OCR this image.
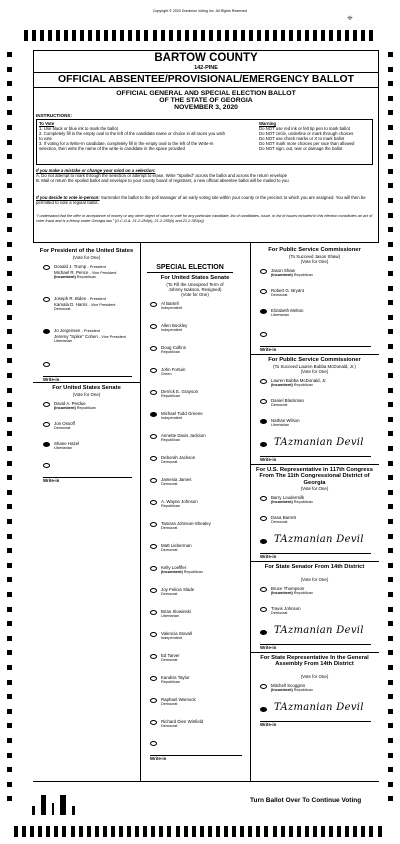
Copyright © 2020 Dominion Voting Inc. All Rights Reserved
⌖
BARTOW COUNTY
142-PINE
OFFICIAL ABSENTEE/PROVISIONAL/EMERGENCY BALLOT
OFFICIAL GENERAL AND SPECIAL ELECTION BALLOT
OF THE STATE OF GEORGIA
NOVEMBER 3, 2020
INSTRUCTIONS:
To Vote
1. Use black or blue ink to mark the ballot
2. Completely fill in the empty oval to the left of the candidate name or choice in all races you wish to vote
3. If voting for a Write-In candidate, completely fill in the empty oval to the left of the Write-In selection, then write the name of the write-in candidate in the space provided
Warning
Do NOT use red ink or felt tip pen to mark ballot
Do NOT circle, underline or mark through choices
Do NOT use check marks or X to mark ballot
Do NOT mark more choices per race than allowed
Do NOT sign, out, tear or damage the ballot
If you make a mistake or change your mind on a selection:
A. Do not attempt to mark through the selection or attempt to erase. Write "Spoiled" across the ballot and across the return envelope
B. Mail or return the spoiled ballot and envelope to your county board of registrars; a new official absentee ballot will be mailed to you
If you decide to vote in-person: Surrender the ballot to the poll manager of an early voting site within your county or the precinct to which you are assigned. You will then be permitted to vote a regular ballot.
"I understand that the offer or acceptance of money or any other object of value to vote for any particular candidate, list of candidates, issue, or list of issues included in this election constitutes an act of voter fraud and is a felony under Georgia law." [O.C.G.A. 21-2-284(e), 21-2-285(h) and 21-2-383(a)]
SPECIAL ELECTION
For President of the United States
(Vote for One)
Donald J. Trump - President
Michael R. Pence - Vice President
(Incumbent) Republican
Joseph R. Biden - President
Kamala D. Harris - Vice President
Democrat
Jo Jorgensen - President
Jeremy "Spike" Cohen - Vice President
Libertarian
Write-in
For United States Senate
(Vote for One)
David A. Perdue
(Incumbent) Republican
Jon Ossoff
Democrat
Shane Hazel
Libertarian
Write-in
For United States Senate
(To Fill the Unexpired Term of
Johnny Isakson, Resigned)
(Vote for One)
Al Bartell
Independent
Allen Buckley
Independent
Doug Collins
Republican
John Fortuin
Green
Derrick E. Grayson
Republican
Michael Todd Greene
Independent
Annette Davis Jackson
Republican
Deborah Jackson
Democrat
Jamesia James
Democrat
A. Wayne Johnson
Republican
Tamara Johnson-Shealey
Democrat
Matt Lieberman
Democrat
Kelly Loeffler
(Incumbent) Republican
Joy Felicia Slade
Democrat
Brian Slowinski
Libertarian
Valencia Stovall
Independent
Ed Tarver
Democrat
Kandiss Taylor
Republican
Raphael Warnock
Democrat
Richard Dien Winfield
Democrat
Write-in
For Public Service Commissioner
(To Succeed Jason Shaw)
(Vote for One)
Jason Shaw
(Incumbent) Republican
Robert G. Bryant
Democrat
Elizabeth Melton
Libertarian
Write-in
For Public Service Commissioner
(To Succeed Lauren Bubba McDonald, Jr.)
(Vote for One)
Lauren Bubba McDonald, Jr.
(Incumbent) Republican
Daniel Blackman
Democrat
Nathan Wilson
Libertarian
TAzmanian Devil
Write-in
For U.S. Representative in 117th Congress From The 11th Congressional District of Georgia
(Vote for One)
Barry Loudermilk
(Incumbent) Republican
Dana Barrett
Democrat
TAzmanian Devil
Write-in
For State Senator From 14th District
(Vote for One)
Bruce Thompson
(Incumbent) Republican
Travis Johnson
Democrat
TAzmanian Devil
Write-in
For State Representative In the General Assembly From 14th District
(Vote for One)
Mitchell Scoggins
(Incumbent) Republican
TAzmanian Devil
Write-in
Turn Ballot Over To Continue Voting
